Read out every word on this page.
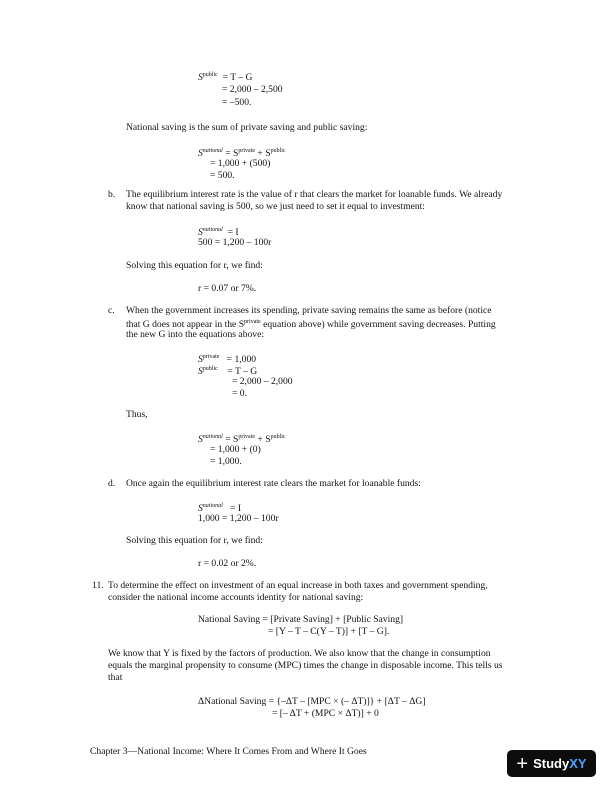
$S^{public} = T - G$
= 2,000 – 2,500
= –500.
National saving is the sum of private saving and public saving:
$S^{national} = S^{private} + S^{public}$
= 1,000 + (500)
= 500.
b. The equilibrium interest rate is the value of r that clears the market for loanable funds. We already
know that national saving is 500, so we just need to set it equal to investment:
$S^{national} = I$
500 = 1,200 – 100r
Solving this equation for r, we find:
r = 0.07 or 7%.
c. When the government increases its spending, private saving remains the same as before (notice
that G does not appear in the $S^{private}$ equation above) while government saving decreases. Putting
the new G into the equations above:
$S^{private} = 1,000$
$S^{public} = T - G$
= 2,000 – 2,000
= 0.
Thus,
$S^{national} = S^{private} + S^{public}$
= 1,000 + (0)
= 1,000.
d. Once again the equilibrium interest rate clears the market for loanable funds:
$S^{national} = I$
1,000 = 1,200 – 100r
Solving this equation for r, we find:
r = 0.02 or 2%.
11. To determine the effect on investment of an equal increase in both taxes and government spending,
consider the national income accounts identity for national saving:
National Saving = [Private Saving] + [Public Saving]
= [Y – T – C(Y – T)] + [T – G].
We know that Y is fixed by the factors of production. We also know that the change in consumption
equals the marginal propensity to consume (MPC) times the change in disposable income. This tells us
that
ΔNational Saving = {–ΔT – [MPC × (– ΔT)]} + [ΔT – ΔG]
= [– ΔT + (MPC × ΔT)] + 0
Chapter 3—National Income: Where It Comes From and Where It Goes
+ StudyXY
